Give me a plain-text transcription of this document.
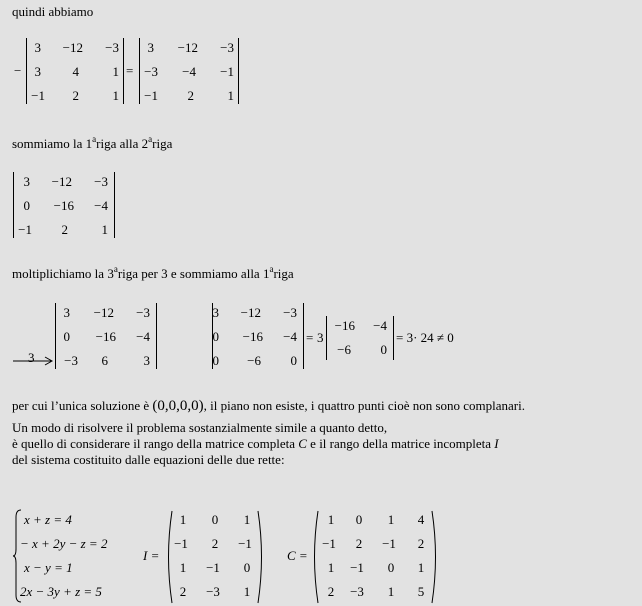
quindi abbiamo
−
3	−12	−3
3	4	1
−1	2	1
=
3	−12	−3
−3	−4	−1
−1	2	1
sommiamo la 1$^a$riga alla 2$^a$riga
3	−12	−3
0	−16	−4
−1	2	1
moltiplichiamo la 3$^a$riga per 3 e sommiamo alla 1$^a$riga
3
3	−12	−3
0	−16	−4
−3	6	3
3	−12	−3
0	−16	−4
0	−6	0
= 3
−16	−4
−6	0
= 3· 24 ≠ 0
per cui l’unica soluzione è (0,0,0,0), il piano non esiste, i quattro punti cioè non sono complanari.
Un modo di risolvere il problema sostanzialmente simile a quanto detto,
è quello di considerare il rango della matrice completa C e il rango della matrice incompleta I
del sistema costituito dalle equazioni delle due rette:
x + z = 4
− x + 2y − z = 2
x − y = 1
2x − 3y + z = 5
I =
1	0	1
−1	2	−1
1	−1	0
2	−3	1
C =
1	0	1	4
−1	2	−1	2
1	−1	0	1
2	−3	1	5
